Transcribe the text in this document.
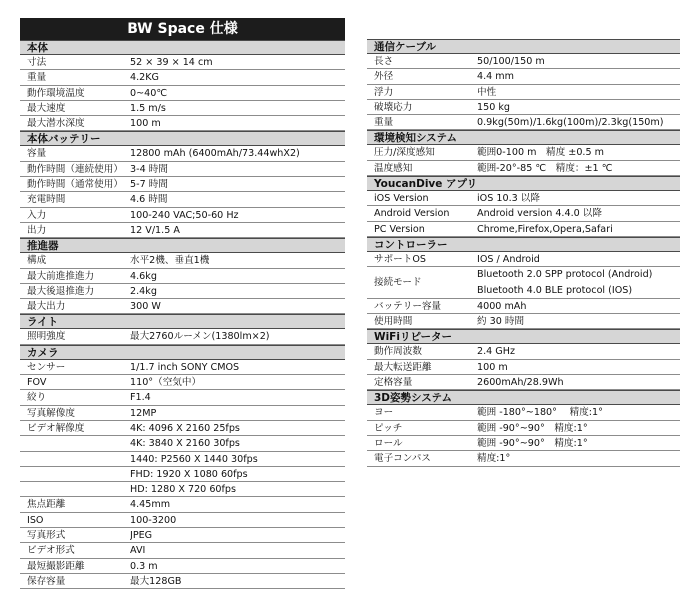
BW Space 仕様
本体
寸法	52 × 39 × 14 cm
重量	4.2KG
動作環境温度	0~40℃
最大速度	1.5 m/s
最大潜水深度	100 m
本体バッテリー
容量	12800 mAh (6400mAh/73.44whX2)
動作時間（連続使用） 3-4 時間
動作時間（通常使用） 5-7 時間
充電時間	4.6 時間
入力	100-240 VAC;50-60 Hz
出力	12 V/1.5 A
推進器
構成	水平2機、垂直1機
最大前進推進力	4.6kg
最大後退推進力	2.4kg
最大出力	300 W
ライト
照明強度	最大2760ルーメン(1380lm×2)
カメラ
センサー	1/1.7 inch SONY CMOS
FOV	110°（空気中）
絞り	F1.4
写真解像度	12MP
ビデオ解像度	4K: 4096 X 2160 25fps
4K: 3840 X 2160 30fps
1440: P2560 X 1440 30fps
FHD: 1920 X 1080 60fps
HD: 1280 X 720 60fps
焦点距離	4.45mm
ISO	100-3200
写真形式	JPEG
ビデオ形式	AVI
最短撮影距離	0.3 m
保存容量	最大128GB
通信ケーブル
長さ	50/100/150 m
外径	4.4 mm
浮力	中性
破壊応力	150 kg
重量	0.9kg(50m)/1.6kg(100m)/2.3kg(150m)
環境検知システム
圧力/深度感知	範囲0-100 m　精度 ±0.5 m
温度感知	範囲-20°-85 ℃　精度：±1 ℃
YoucanDive アプリ
iOS Version	iOS 10.3 以降
Android Version	Android version 4.4.0 以降
PC Version	Chrome,Firefox,Opera,Safari
コントローラー
サポートOS	IOS / Android
接続モード
Bluetooth 2.0 SPP protocol (Android)
Bluetooth 4.0 BLE protocol (IOS)
バッテリー容量	4000 mAh
使用時間	約 30 時間
WiFiリピーター
動作周波数	2.4 GHz
最大転送距離	100 m
定格容量	2600mAh/28.9Wh
3D姿勢システム
ヨー	範囲 -180°~180°　 精度:1°
ピッチ	範囲 -90°~90°　精度:1°
ロール	範囲 -90°~90°　精度:1°
電子コンパス	精度:1°
